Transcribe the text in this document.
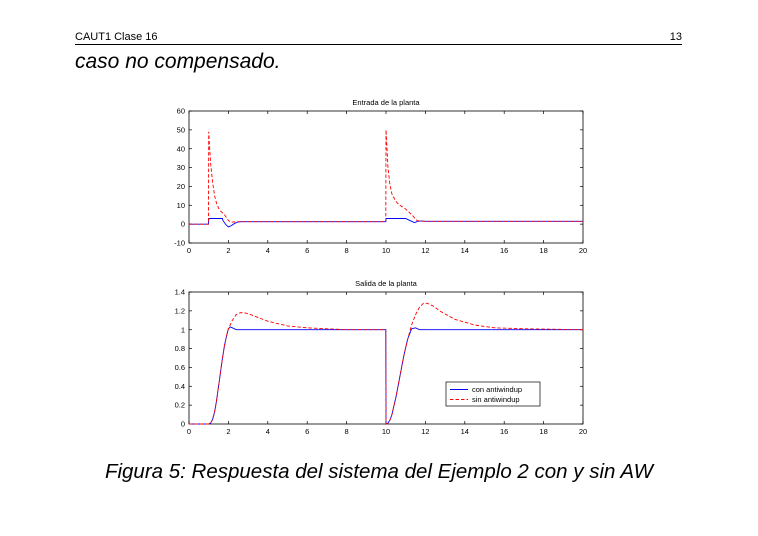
CAUT1 Clase 16	13
caso no compensado.
Entrada de la planta
0	2	4	6	8	10	12	14	16	18	20
-10
0
10
20
30
40
50
60
Salida de la planta
0	2	4	6	8	10	12	14	16	18	20
0
0.2
0.4
0.6
0.8
1
1.2
1.4
con antiwindup
sin antiwindup
Figura 5: Respuesta del sistema del Ejemplo 2 con y sin AW
